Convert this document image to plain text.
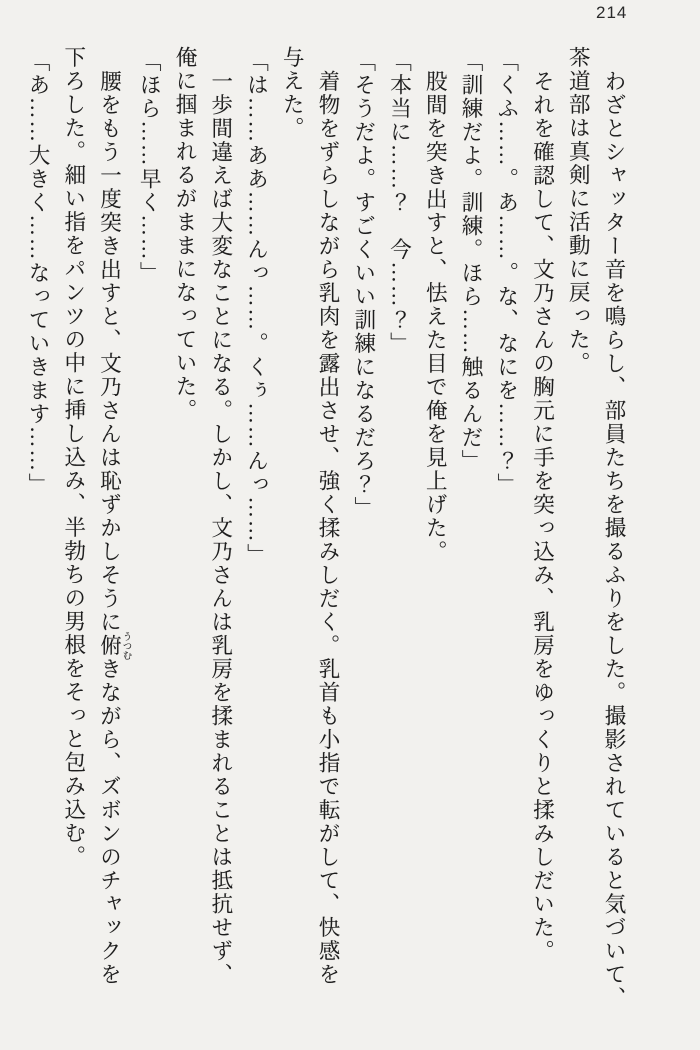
214

わざとシャッター音を鳴らし、部員たちを撮るふりをした。撮影されていると気づいて、

茶道部は真剣に活動に戻った。

それを確認して、文乃さんの胸元に手を突っ込み、乳房をゆっくりと揉みしだいた。

「くふ……。あ……。な、なにを……？」

「訓練だよ。訓練。ほら……触るんだ」

股間を突き出すと、怯えた目で俺を見上げた。

「本当に……？　今……？」

「そうだよ。すごくいい訓練になるだろ？」

着物をずらしながら乳肉を露出させ、強く揉みしだく。乳首も小指で転がして、快感を

与えた。

「は……ああ……んっ……。くぅ……んっ……」

一歩間違えば大変なことになる。しかし、文乃さんは乳房を揉まれることは抵抗せず、

俺に掴まれるがままになっていた。

「ほら……早く……」

腰をもう一度突き出すと、文乃さんは恥ずかしそうに俯 うつむきながら、ズボンのチャックを

下ろした。細い指をパンツの中に挿し込み、半勃ちの男根をそっと包み込む。

「あ……大きく……なっていきます……」
